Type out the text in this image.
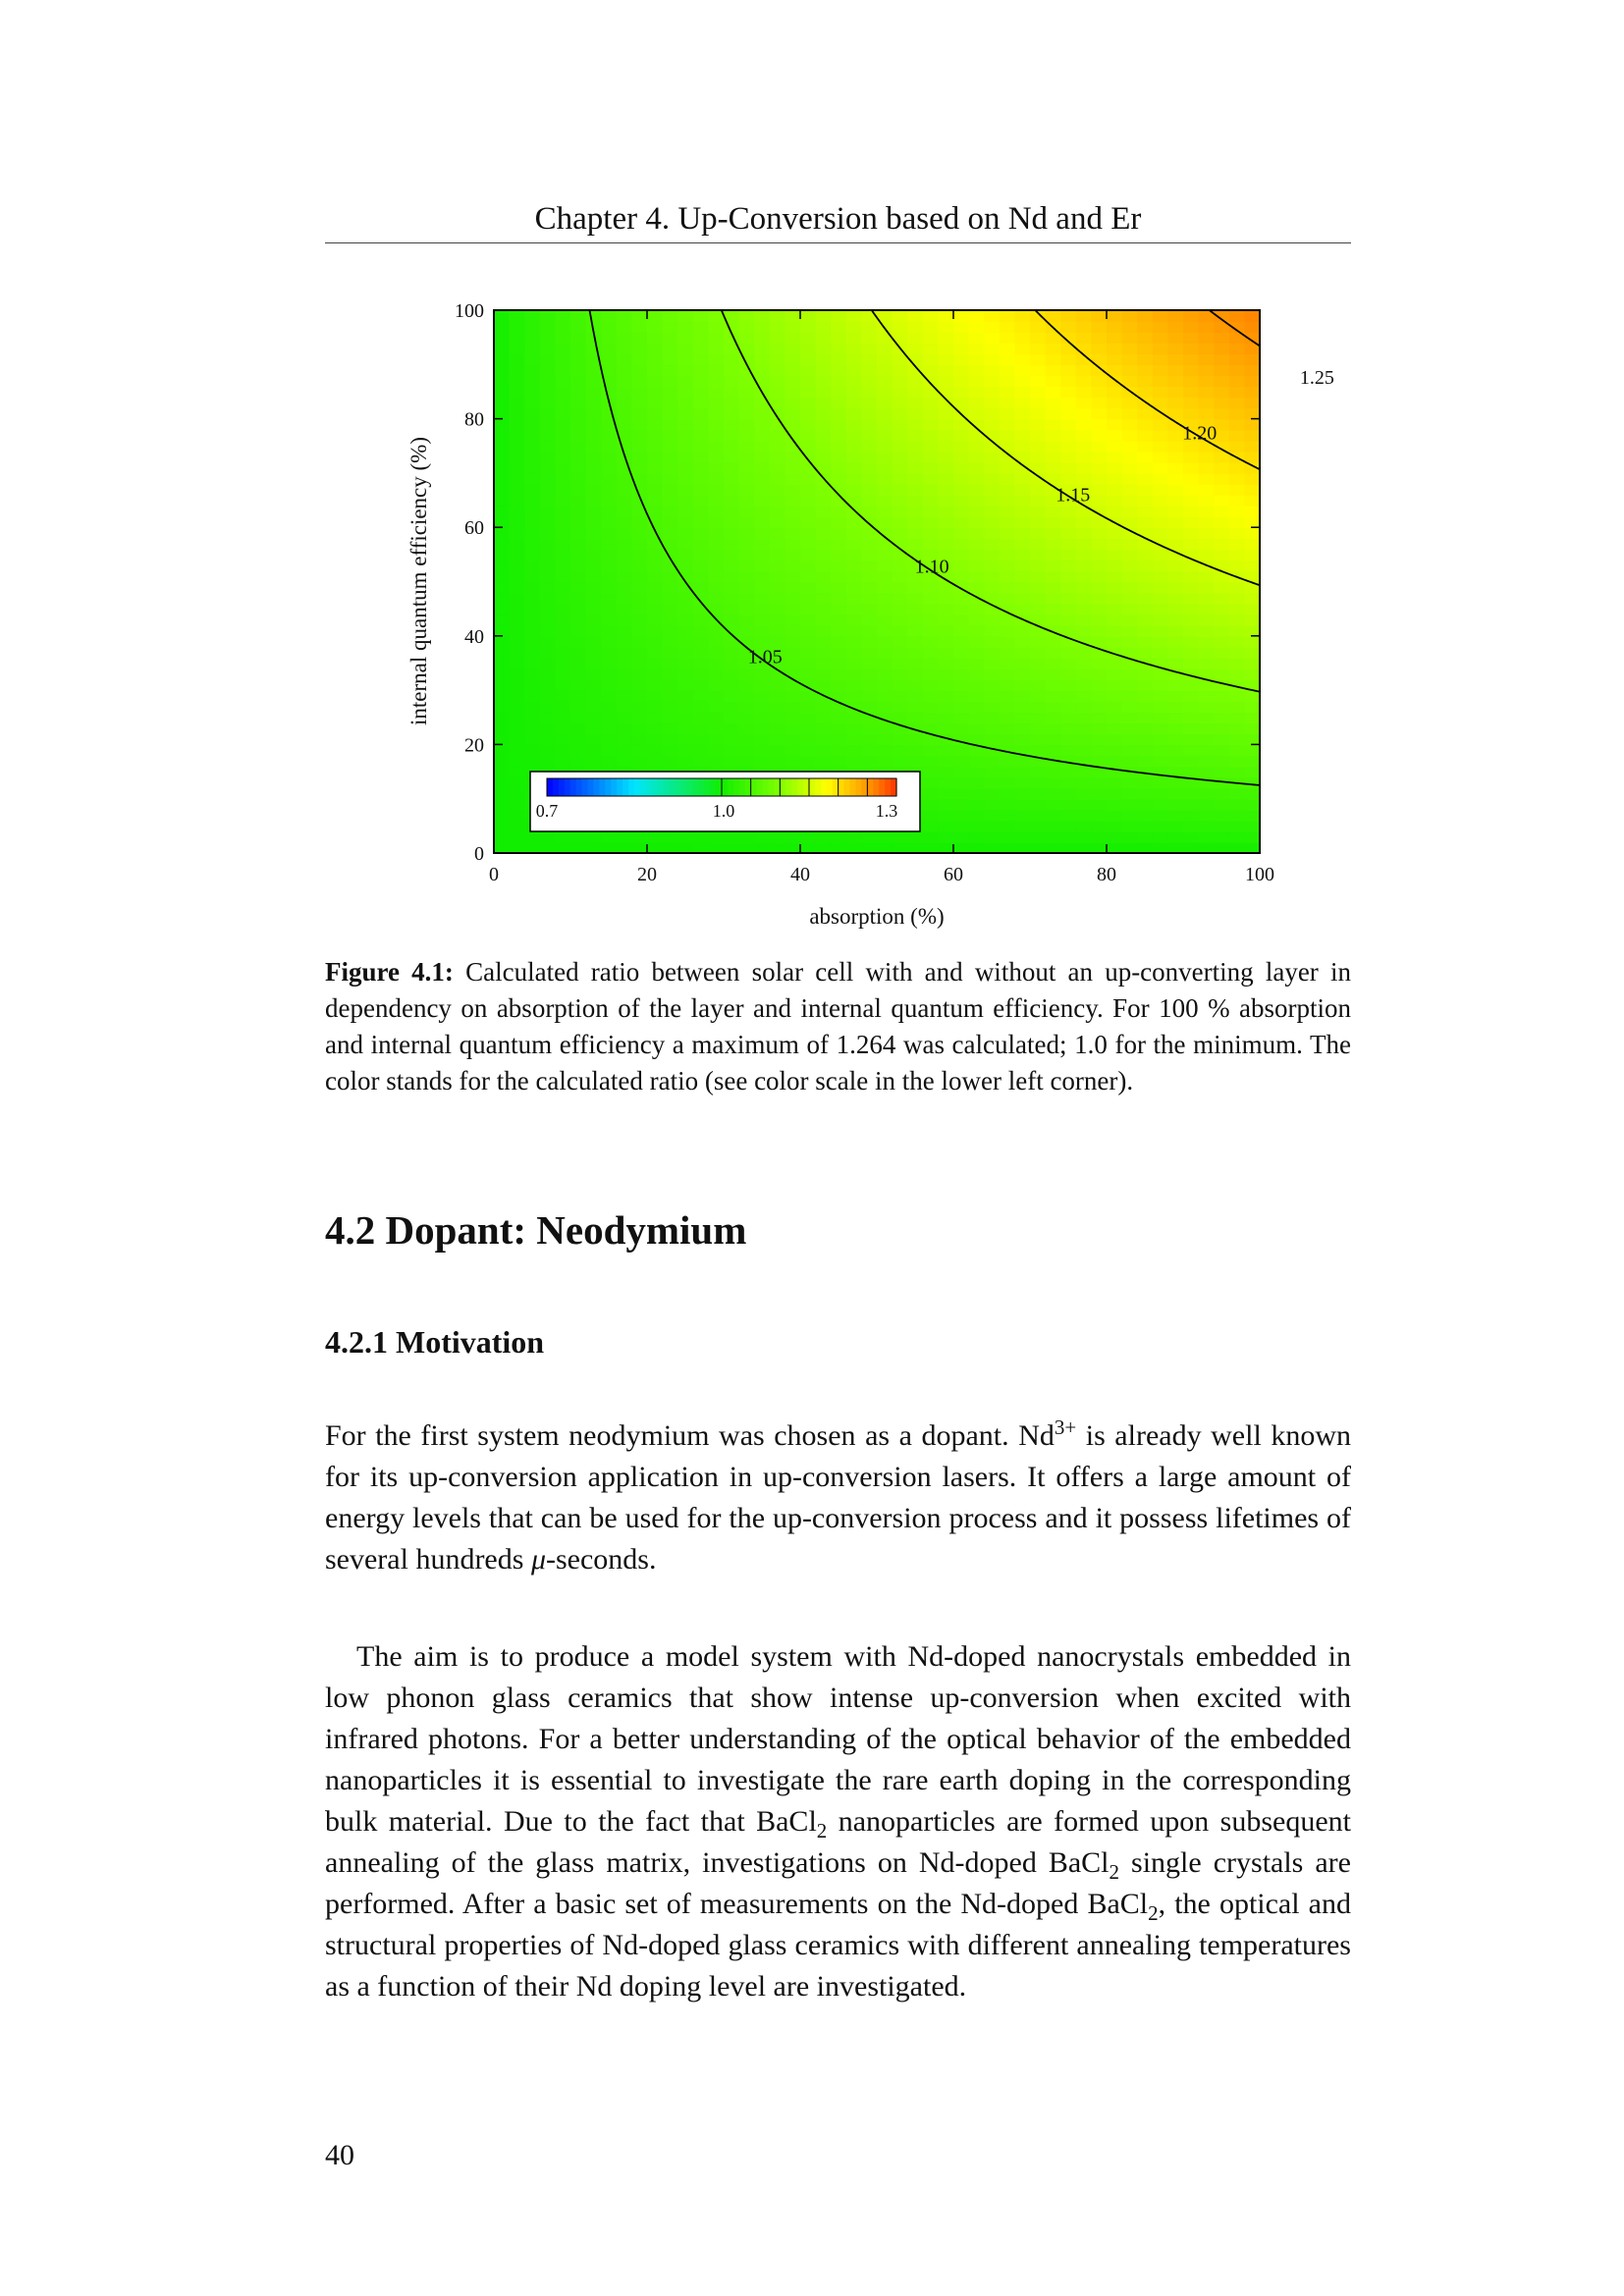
Chapter 4. Up-Conversion based on Nd and Er
1.05
1.10
1.15
1.20
1.25
0	20	40	60	80	100
0
20
40
60
80
100
absorption (%)
internal quantum efficiency (%)
0.7	1.0	1.3
Figure 4.1: Calculated ratio between solar cell with and without an up-converting layer in dependency on absorption of the layer and internal quantum efficiency. For 100 % absorption and internal quantum efficiency a maximum of 1.264 was calculated; 1.0 for the minimum. The color stands for the calculated ratio (see color scale in the lower left corner).
4.2 Dopant: Neodymium
4.2.1 Motivation

For the first system neodymium was chosen as a dopant. $Nd^{3+}$ is already well known for its up-conversion application in up-conversion lasers. It offers a large amount of energy levels that can be used for the up-conversion process and it possess lifetimes of several hundreds μ-seconds.

The aim is to produce a model system with Nd-doped nanocrystals embedded in low phonon glass ceramics that show intense up-conversion when excited with infrared photons. For a better understanding of the optical behavior of the embedded nanoparticles it is essential to investigate the rare earth doping in the corresponding bulk material. Due to the fact that BaCl$_2$ nanoparticles are formed upon subsequent annealing of the glass matrix, investigations on Nd-doped BaCl$_2$ single crystals are performed. After a basic set of measurements on the Nd-doped BaCl$_2$, the optical and structural properties of Nd-doped glass ceramics with different annealing temperatures as a function of their Nd doping level are investigated.

40
